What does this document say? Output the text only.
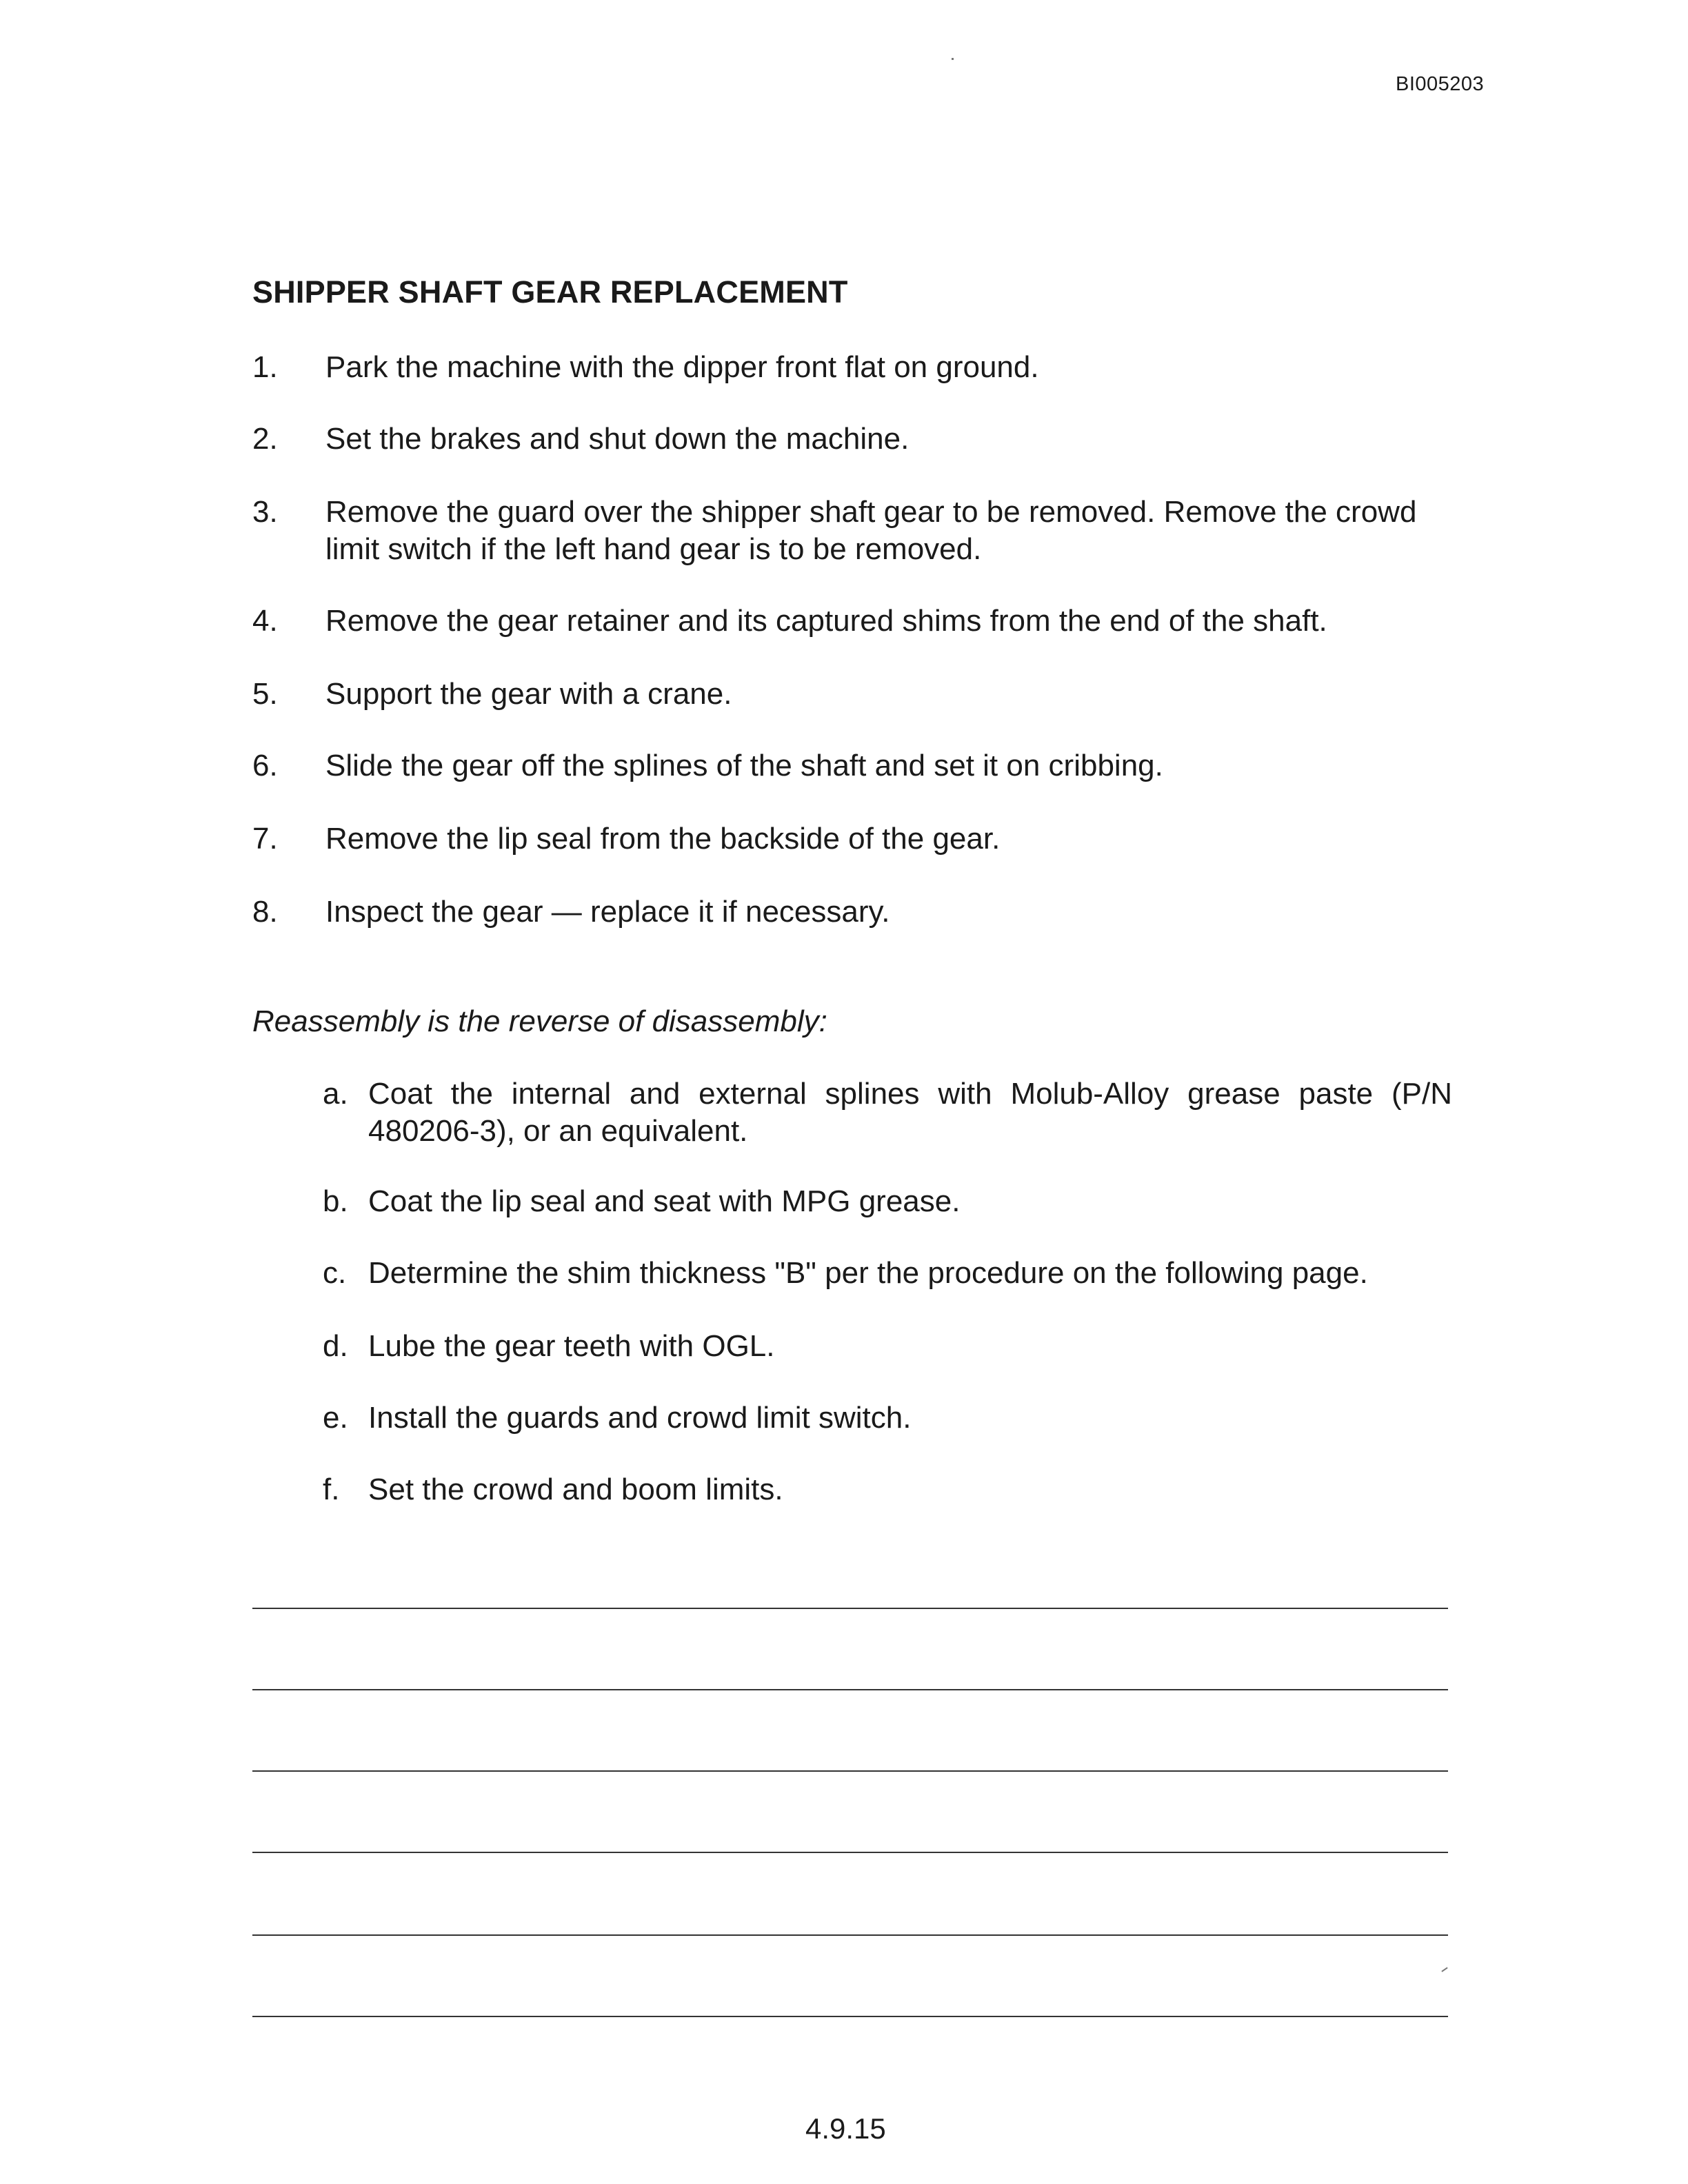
BI005203
SHIPPER SHAFT GEAR REPLACEMENT
1.	Park the machine with the dipper front flat on ground.
2.	Set the brakes and shut down the machine.
3.	Remove the guard over the shipper shaft gear to be removed. Remove the crowd limit switch if the left hand gear is to be removed.
4.	Remove the gear retainer and its captured shims from the end of the shaft.
5.	Support the gear with a crane.
6.	Slide the gear off the splines of the shaft and set it on cribbing.
7.	Remove the lip seal from the backside of the gear.
8.	Inspect the gear — replace it if necessary.
Reassembly is the reverse of disassembly:
a. Coat the internal and external splines with Molub-Alloy grease paste (P/N 480206-3), or an equivalent.
b. Coat the lip seal and seat with MPG grease.
c. Determine the shim thickness "B" per the procedure on the following page.
d. Lube the gear teeth with OGL.
e. Install the guards and crowd limit switch.
f. Set the crowd and boom limits.
4.9.15
